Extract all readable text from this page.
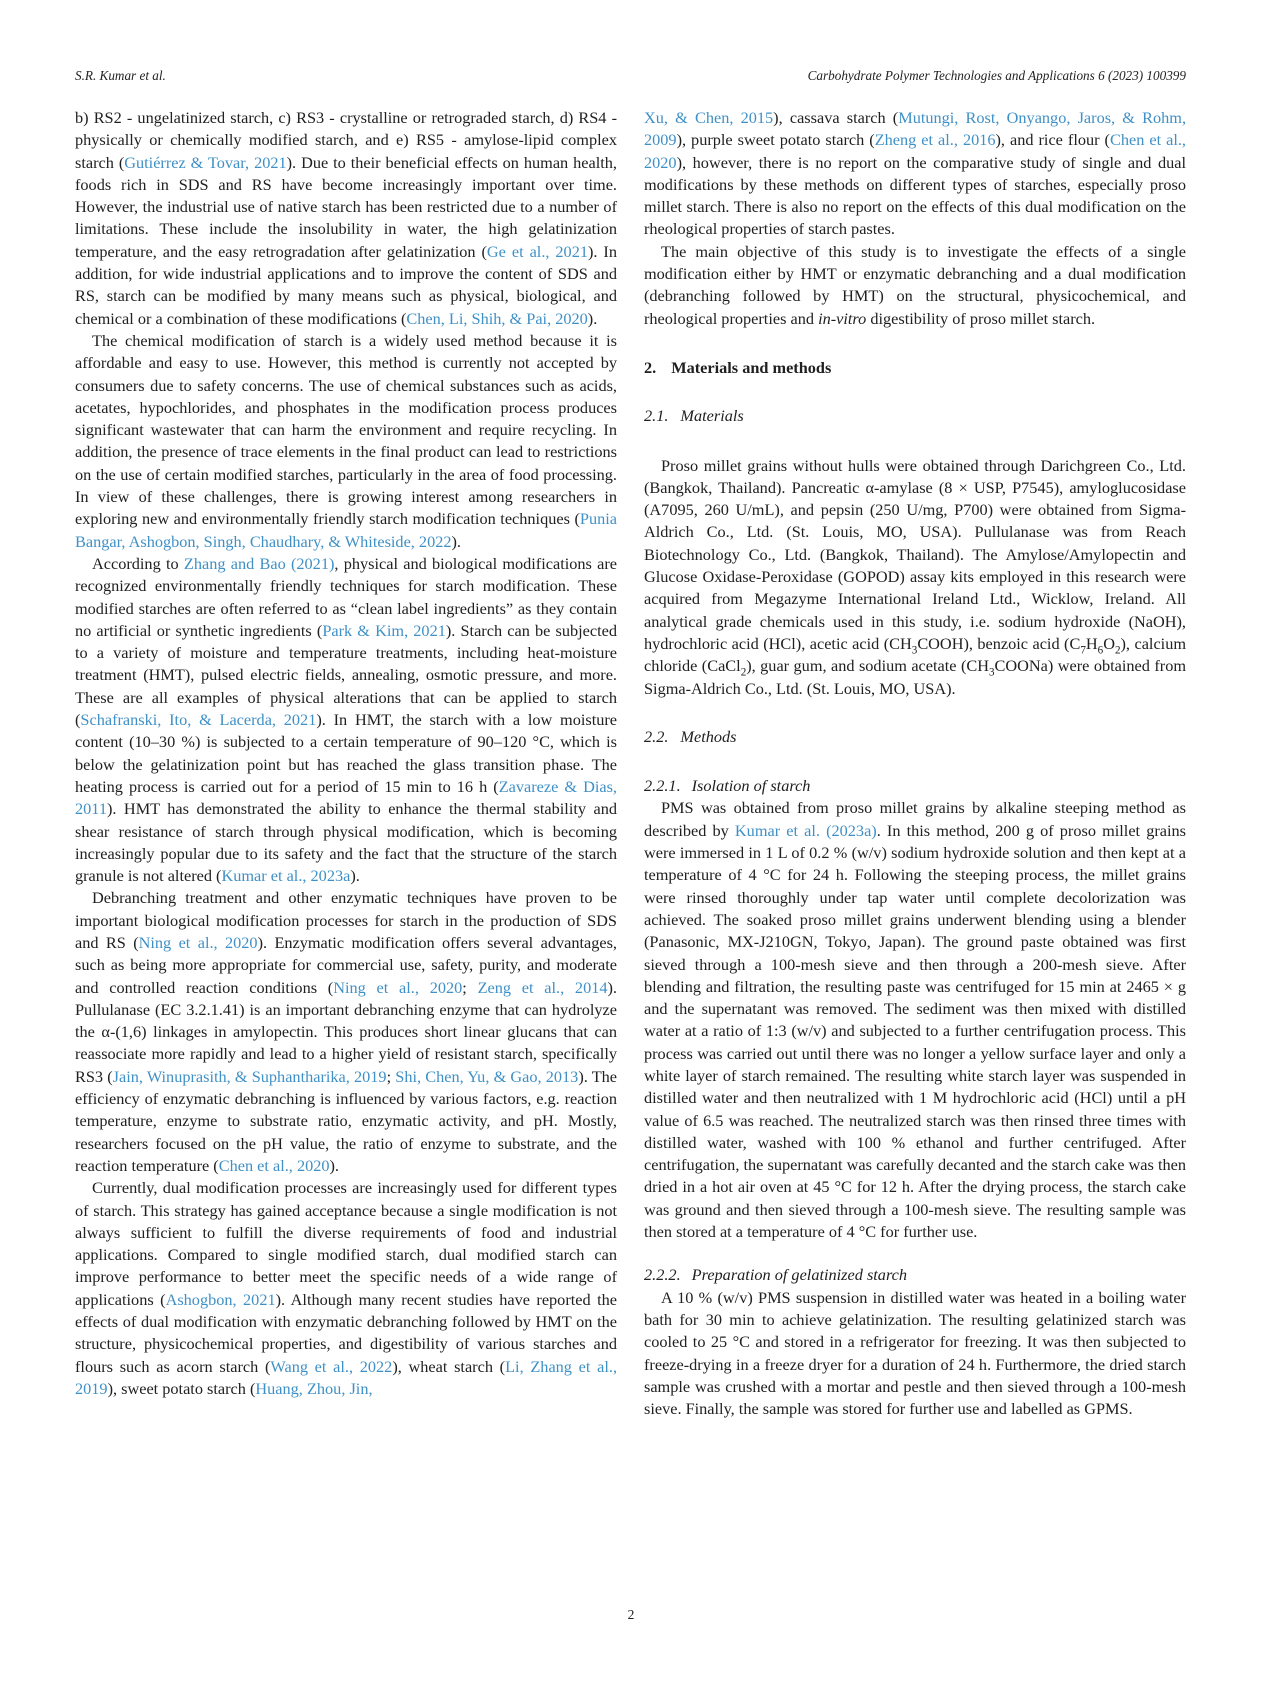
S.R. Kumar et al.	Carbohydrate Polymer Technologies and Applications 6 (2023) 100399

b) RS2 - ungelatinized starch, c) RS3 - crystalline or retrograded starch, d) RS4 - physically or chemically modified starch, and e) RS5 - amylose-lipid complex starch (Gutiérrez & Tovar, 2021). Due to their beneficial effects on human health, foods rich in SDS and RS have become increasingly important over time. However, the industrial use of native starch has been restricted due to a number of limitations. These include the insolubility in water, the high gelatinization temperature, and the easy retrogradation after gelatinization (Ge et al., 2021). In addition, for wide industrial applications and to improve the content of SDS and RS, starch can be modified by many means such as physical, biological, and chemical or a combination of these modifications (Chen, Li, Shih, & Pai, 2020).

The chemical modification of starch is a widely used method because it is affordable and easy to use. However, this method is currently not accepted by consumers due to safety concerns. The use of chemical substances such as acids, acetates, hypochlorides, and phosphates in the modification process produces significant wastewater that can harm the environment and require recycling. In addition, the presence of trace elements in the final product can lead to restrictions on the use of certain modified starches, particularly in the area of food processing. In view of these challenges, there is growing interest among researchers in exploring new and environmentally friendly starch modification techniques (Punia Bangar, Ashogbon, Singh, Chaudhary, & Whiteside, 2022).

According to Zhang and Bao (2021), physical and biological modifications are recognized environmentally friendly techniques for starch modification. These modified starches are often referred to as “clean label ingredients” as they contain no artificial or synthetic ingredients (Park & Kim, 2021). Starch can be subjected to a variety of moisture and temperature treatments, including heat-moisture treatment (HMT), pulsed electric fields, annealing, osmotic pressure, and more. These are all examples of physical alterations that can be applied to starch (Schafranski, Ito, & Lacerda, 2021). In HMT, the starch with a low moisture content (10–30 %) is subjected to a certain temperature of 90–120 °C, which is below the gelatinization point but has reached the glass transition phase. The heating process is carried out for a period of 15 min to 16 h (Zavareze & Dias, 2011). HMT has demonstrated the ability to enhance the thermal stability and shear resistance of starch through physical modification, which is becoming increasingly popular due to its safety and the fact that the structure of the starch granule is not altered (Kumar et al., 2023a).

Debranching treatment and other enzymatic techniques have proven to be important biological modification processes for starch in the production of SDS and RS (Ning et al., 2020). Enzymatic modification offers several advantages, such as being more appropriate for commercial use, safety, purity, and moderate and controlled reaction conditions (Ning et al., 2020; Zeng et al., 2014). Pullulanase (EC 3.2.1.41) is an important debranching enzyme that can hydrolyze the α-(1,6) linkages in amylopectin. This produces short linear glucans that can reassociate more rapidly and lead to a higher yield of resistant starch, specifically RS3 (Jain, Winuprasith, & Suphantharika, 2019; Shi, Chen, Yu, & Gao, 2013). The efficiency of enzymatic debranching is influenced by various factors, e.g. reaction temperature, enzyme to substrate ratio, enzymatic activity, and pH. Mostly, researchers focused on the pH value, the ratio of enzyme to substrate, and the reaction temperature (Chen et al., 2020).

Currently, dual modification processes are increasingly used for different types of starch. This strategy has gained acceptance because a single modification is not always sufficient to fulfill the diverse requirements of food and industrial applications. Compared to single modified starch, dual modified starch can improve performance to better meet the specific needs of a wide range of applications (Ashogbon, 2021). Although many recent studies have reported the effects of dual modification with enzymatic debranching followed by HMT on the structure, physicochemical properties, and digestibility of various starches and flours such as acorn starch (Wang et al., 2022), wheat starch (Li, Zhang et al., 2019), sweet potato starch (Huang, Zhou, Jin,

Xu, & Chen, 2015), cassava starch (Mutungi, Rost, Onyango, Jaros, & Rohm, 2009), purple sweet potato starch (Zheng et al., 2016), and rice flour (Chen et al., 2020), however, there is no report on the comparative study of single and dual modifications by these methods on different types of starches, especially proso millet starch. There is also no report on the effects of this dual modification on the rheological properties of starch pastes.

The main objective of this study is to investigate the effects of a single modification either by HMT or enzymatic debranching and a dual modification (debranching followed by HMT) on the structural, physicochemical, and rheological properties and in-vitro digestibility of proso millet starch.

2. Materials and methods
2.1. Materials

Proso millet grains without hulls were obtained through Darichgreen Co., Ltd. (Bangkok, Thailand). Pancreatic α-amylase (8 × USP, P7545), amyloglucosidase (A7095, 260 U/mL), and pepsin (250 U/mg, P700) were obtained from Sigma-Aldrich Co., Ltd. (St. Louis, MO, USA). Pullulanase was from Reach Biotechnology Co., Ltd. (Bangkok, Thailand). The Amylose/Amylopectin and Glucose Oxidase-Peroxidase (GOPOD) assay kits employed in this research were acquired from Megazyme International Ireland Ltd., Wicklow, Ireland. All analytical grade chemicals used in this study, i.e. sodium hydroxide (NaOH), hydrochloric acid (HCl), acetic acid $(CH_3COOH)$, benzoic acid $(C_7H_6O_2)$, calcium chloride (CaCl$_2$), guar gum, and sodium acetate $(CH_3COONa)$ were obtained from Sigma-Aldrich Co., Ltd. (St. Louis, MO, USA).

2.2. Methods
2.2.1. Isolation of starch

PMS was obtained from proso millet grains by alkaline steeping method as described by Kumar et al. (2023a). In this method, 200 g of proso millet grains were immersed in 1 L of 0.2 % (w/v) sodium hydroxide solution and then kept at a temperature of 4 °C for 24 h. Following the steeping process, the millet grains were rinsed thoroughly under tap water until complete decolorization was achieved. The soaked proso millet grains underwent blending using a blender (Panasonic, MX-J210GN, Tokyo, Japan). The ground paste obtained was first sieved through a 100-mesh sieve and then through a 200-mesh sieve. After blending and filtration, the resulting paste was centrifuged for 15 min at 2465 × g and the supernatant was removed. The sediment was then mixed with distilled water at a ratio of 1:3 (w/v) and subjected to a further centrifugation process. This process was carried out until there was no longer a yellow surface layer and only a white layer of starch remained. The resulting white starch layer was suspended in distilled water and then neutralized with 1 M hydrochloric acid (HCl) until a pH value of 6.5 was reached. The neutralized starch was then rinsed three times with distilled water, washed with 100 % ethanol and further centrifuged. After centrifugation, the supernatant was carefully decanted and the starch cake was then dried in a hot air oven at 45 °C for 12 h. After the drying process, the starch cake was ground and then sieved through a 100-mesh sieve. The resulting sample was then stored at a temperature of 4 °C for further use.

2.2.2. Preparation of gelatinized starch

A 10 % (w/v) PMS suspension in distilled water was heated in a boiling water bath for 30 min to achieve gelatinization. The resulting gelatinized starch was cooled to 25 °C and stored in a refrigerator for freezing. It was then subjected to freeze-drying in a freeze dryer for a duration of 24 h. Furthermore, the dried starch sample was crushed with a mortar and pestle and then sieved through a 100-mesh sieve. Finally, the sample was stored for further use and labelled as GPMS.

2
